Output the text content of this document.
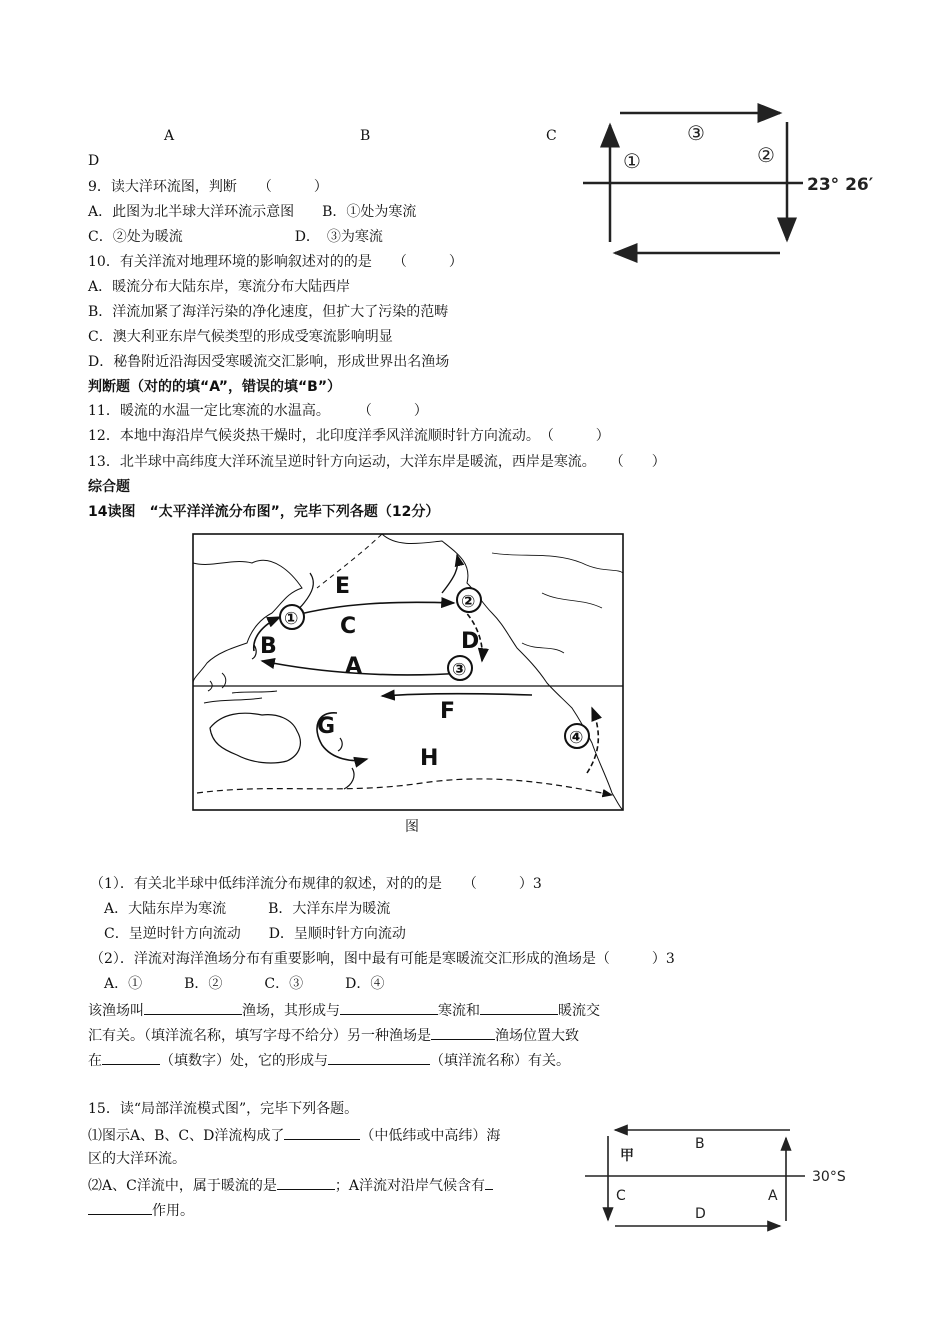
A	B	C
D
9．读大洋环流图，判断　　（　　　）
A．此图为北半球大洋环流示意图　　B．①处为寒流
C．②处为暖流　　　　　　　　D．　③为寒流
23° 26′
①	②
③
10．有关洋流对地理环境的影响叙述对的的是　　（　　　）
A．暖流分布大陆东岸，寒流分布大陆西岸
B．洋流加紧了海洋污染的净化速度，但扩大了污染的范畴
C．澳大利亚东岸气候类型的形成受寒流影响明显
D．秘鲁附近沿海因受寒暖流交汇影响，形成世界出名渔场
判断题（对的的填“A”，错误的填“B”）
11．暖流的水温一定比寒流的水温高。　　　（　　　）
12．本地中海沿岸气候炎热干燥时，北印度洋季风洋流顺时针方向流动。　（　　　）
13．北半球中高纬度大洋环流呈逆时针方向运动，大洋东岸是暖流，西岸是寒流。　　（　　）
综合题
14读图　“太平洋洋流分布图”，完毕下列各题（12分）
①
②
③
④
E
B
C
D
A
F
G
H
图
（1）．有关北半球中低纬洋流分布规律的叙述，对的的是　　（　　　）3
A．大陆东岸为寒流　　　B．大洋东岸为暖流
C．呈逆时针方向流动　　D．呈顺时针方向流动
（2）．洋流对海洋渔场分布有重要影响，图中最有可能是寒暖流交汇形成的渔场是（　　　）3
A．①　　　B．②　　　C．③　　　D．④
该渔场叫	渔场，其形成与	寒流和	暖流交
汇有关。（填洋流名称，填写字母不给分）另一种渔场是	渔场位置大致
在	（填数字）处，它的形成与	（填洋流名称）有关。
15．读“局部洋流模式图”，完毕下列各题。
⑴图示A、B、C、D洋流构成了	（中低纬或中高纬）海
区的大洋环流。
⑵A、C洋流中，属于暖流的是	；A洋流对沿岸气候含有
作用。
30°S
甲
B
C	A
D
